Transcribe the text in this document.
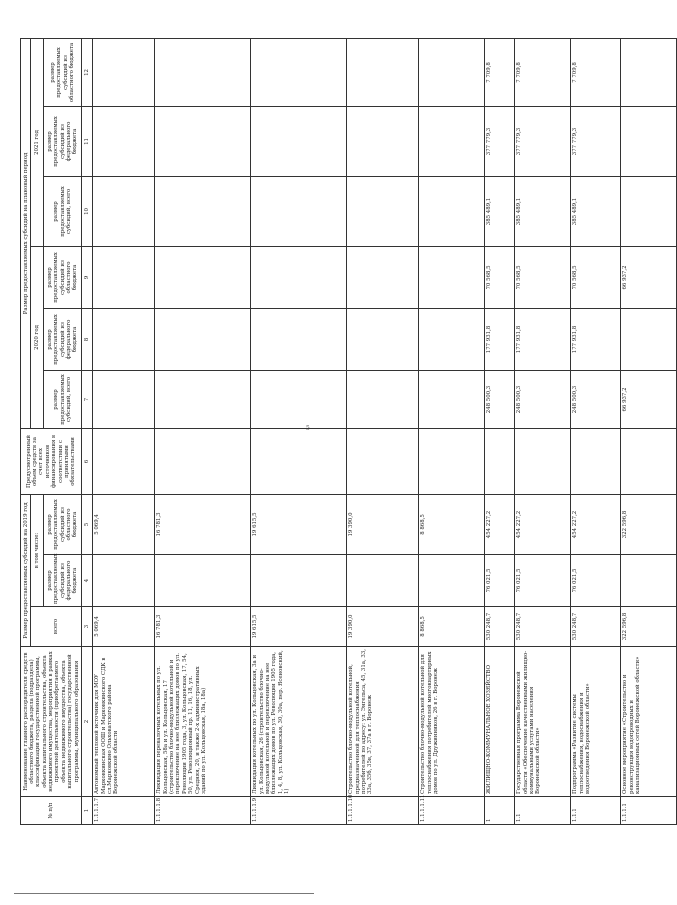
5
№ п/п	Наименование главного распорядителя средств областного бюджета, раздела (подраздела) классификации государственной программы, объекта капитального строительства, объекта недвижимого имущества, мероприятия в рамках проектной деятельности (приобретаемого объекта недвижимого имущества, объекта капитального строительства) государственной программы, муниципального образования	Размер предоставляемых субсидий на 2019 год			Предусмотренный объем средств за счет всех источников финансирования в соответствии с принятыми обязательствами	Размер предоставляемых субсидий на плановый период					
		всего	в том числе:			2020 год			2021 год		
			размер предоставляемых субсидий из федерального бюджета	размер предоставляемых субсидий из областного бюджета		размер предоставляемых субсидий, всего	размер предоставляемых субсидий из федерального бюджета	размер предоставляемых субсидий из областного бюджета	размер предоставляемых субсидий, всего	размер предоставляемых субсидий из федерального бюджета	размер предоставляемых субсидий из областного бюджета

1	2	3	4	5	6	7	8	9	10	11	12
1.1.1.1.7	Автономный тепловой источник для МОУ Марковкинская ООШ и Марковкинского СДК в сл.Марковкино Ольховатского района Воронежской области	5 069,4		5 069,4							
1.1.1.1.8	Ликвидация перевалочных котельных по ул. Кольцовская, 58а и ул. Кольцовская, 17 (строительство блочно-модульной котельной и переключение на нее близлежащих домов по ул. Революции 1905 года, 3, ул. Кольцовская, 17, 54, 50, ул. Революционный пр. 11, 16, 18, ул. Средняя, 20, и также 2-х административных зданий по ул. Кольцовская, 18а, 18а)	16 781,3		16 781,3							
1.1.1.1.9	Ликвидация котельных по ул. Кольцовская, 3а и ул. Кольцовская, 26 (строительство блочно-модульной котельной и переключение на нее близлежащих домов по ул. Революции 1905 года, 1, 4, 8, ул. Кольцовская, 30, 30а, пер. Ясеновский, 1)	19 615,5		19 615,5							
1.1.1.1.10	Строительство блочно-модульной котельной, предназначенной для теплоснабжения потребителей по адресу: ул. Энгельса, 45, 31а, 33, 33а, 35б, 35в, 37, 37а в г. Воронеж	19 390,0		19 390,0							
1.1.1.1.11	Строительство блочно-модульной котельной для теплоснабжения потребителей многоквартирных домов по ул. Дружинников, 26 в г. Воронеж	8 868,5		8 868,5							
1	ЖИЛИЩНО-КОММУНАЛЬНОЕ ХОЗЯЙСТВО	530 248,7	76 021,5	454 227,2		248 500,3	177 931,8	70 568,5	385 489,1	377 779,3	7 709,8
1.1	Государственная программа Воронежской области «Обеспечение качественными жилищно-коммунальными услугами населения Воронежской области»	530 248,7	76 021,5	454 227,2		248 500,3	177 931,8	70 568,5	385 489,1	377 779,3	7 709,8
1.1.1	Подпрограмма «Развитие системы теплоснабжения, водоснабжения и водоотведения Воронежской области»	530 248,7	76 021,5	454 227,2		248 500,3	177 931,8	70 568,5	385 489,1	377 779,3	7 709,8
1.1.1.1	Основное мероприятие «Строительство и реконструкция водопроводных и канализационных сетей Воронежской области»	322 596,8		322 596,8		66 937,2		66 937,2			
